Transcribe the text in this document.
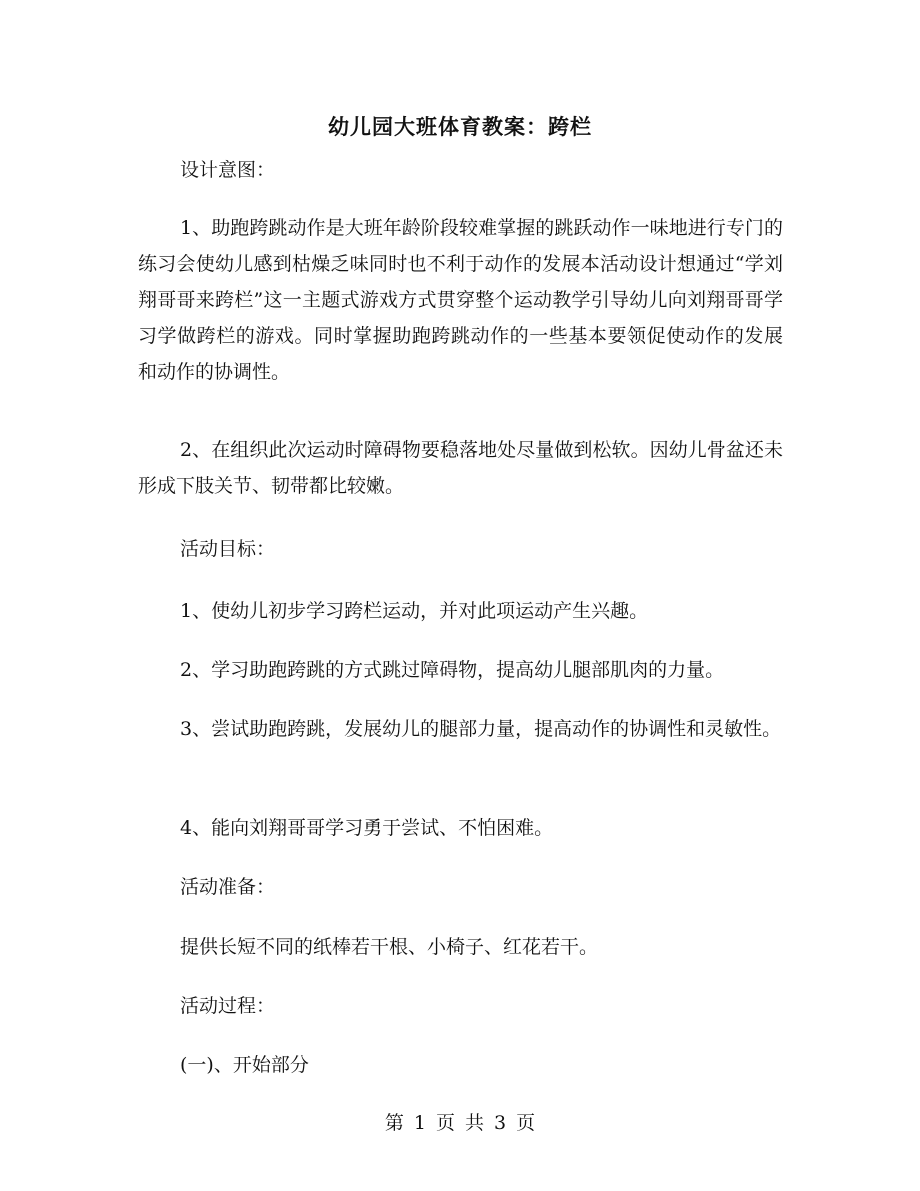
幼儿园大班体育教案：跨栏

设计意图：

1、助跑跨跳动作是大班年龄阶段较难掌握的跳跃动作一味地进行专门的练习会使幼儿感到枯燥乏味同时也不利于动作的发展本活动设计想通过“学刘翔哥哥来跨栏”这一主题式游戏方式贯穿整个运动教学引导幼儿向刘翔哥哥学习学做跨栏的游戏。同时掌握助跑跨跳动作的一些基本要领促使动作的发展和动作的协调性。

2、在组织此次运动时障碍物要稳落地处尽量做到松软。因幼儿骨盆还未形成下肢关节、韧带都比较嫩。

活动目标：

1、使幼儿初步学习跨栏运动，并对此项运动产生兴趣。

2、学习助跑跨跳的方式跳过障碍物，提高幼儿腿部肌肉的力量。

3、尝试助跑跨跳，发展幼儿的腿部力量，提高动作的协调性和灵敏性。

4、能向刘翔哥哥学习勇于尝试、不怕困难。

活动准备：

提供长短不同的纸棒若干根、小椅子、红花若干。

活动过程：

(一)、开始部分

第 1 页 共 3 页
